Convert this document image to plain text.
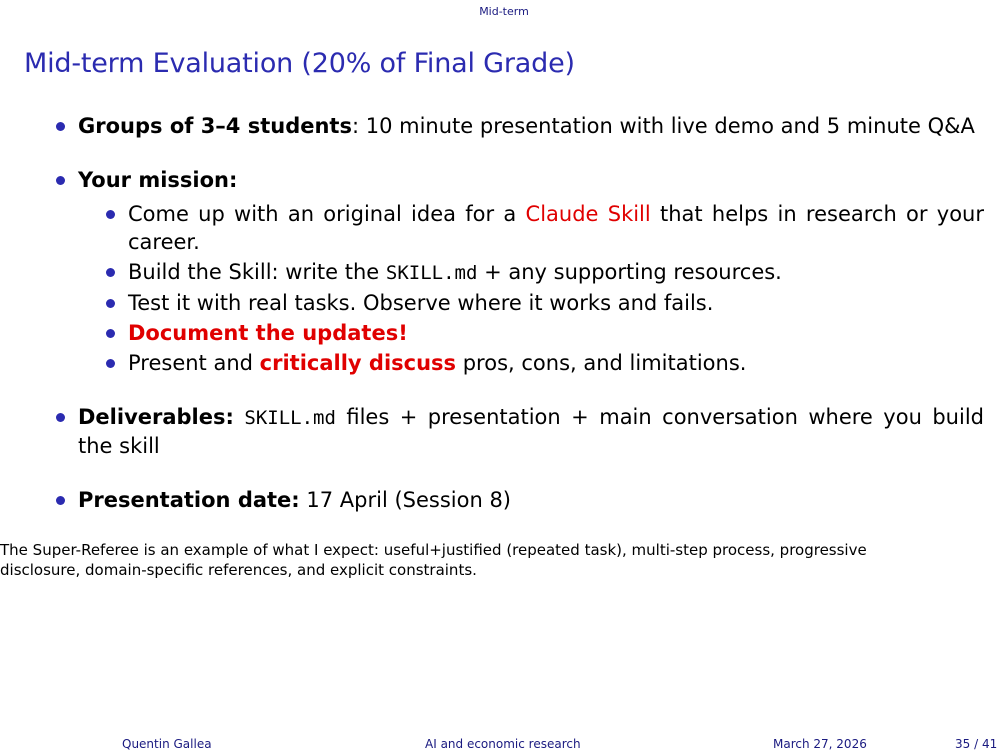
Mid-term
Mid-term Evaluation (20% of Final Grade)
Groups of 3–4 students: 10 minute presentation with live demo and 5 minute Q&A
Your mission:
Come up with an original idea for a Claude Skill that helps in research or your career.
Build the Skill: write the SKILL.md + any supporting resources.
Test it with real tasks. Observe where it works and fails.
Document the updates!
Present and critically discuss pros, cons, and limitations.
Deliverables: SKILL.md files + presentation + main conversation where you build the skill
Presentation date: 17 April (Session 8)
The Super-Referee is an example of what I expect: useful+justified (repeated task), multi-step process, progressive disclosure, domain-specific references, and explicit constraints.
Quentin Gallea	AI and economic research	March 27, 2026	35 / 41
